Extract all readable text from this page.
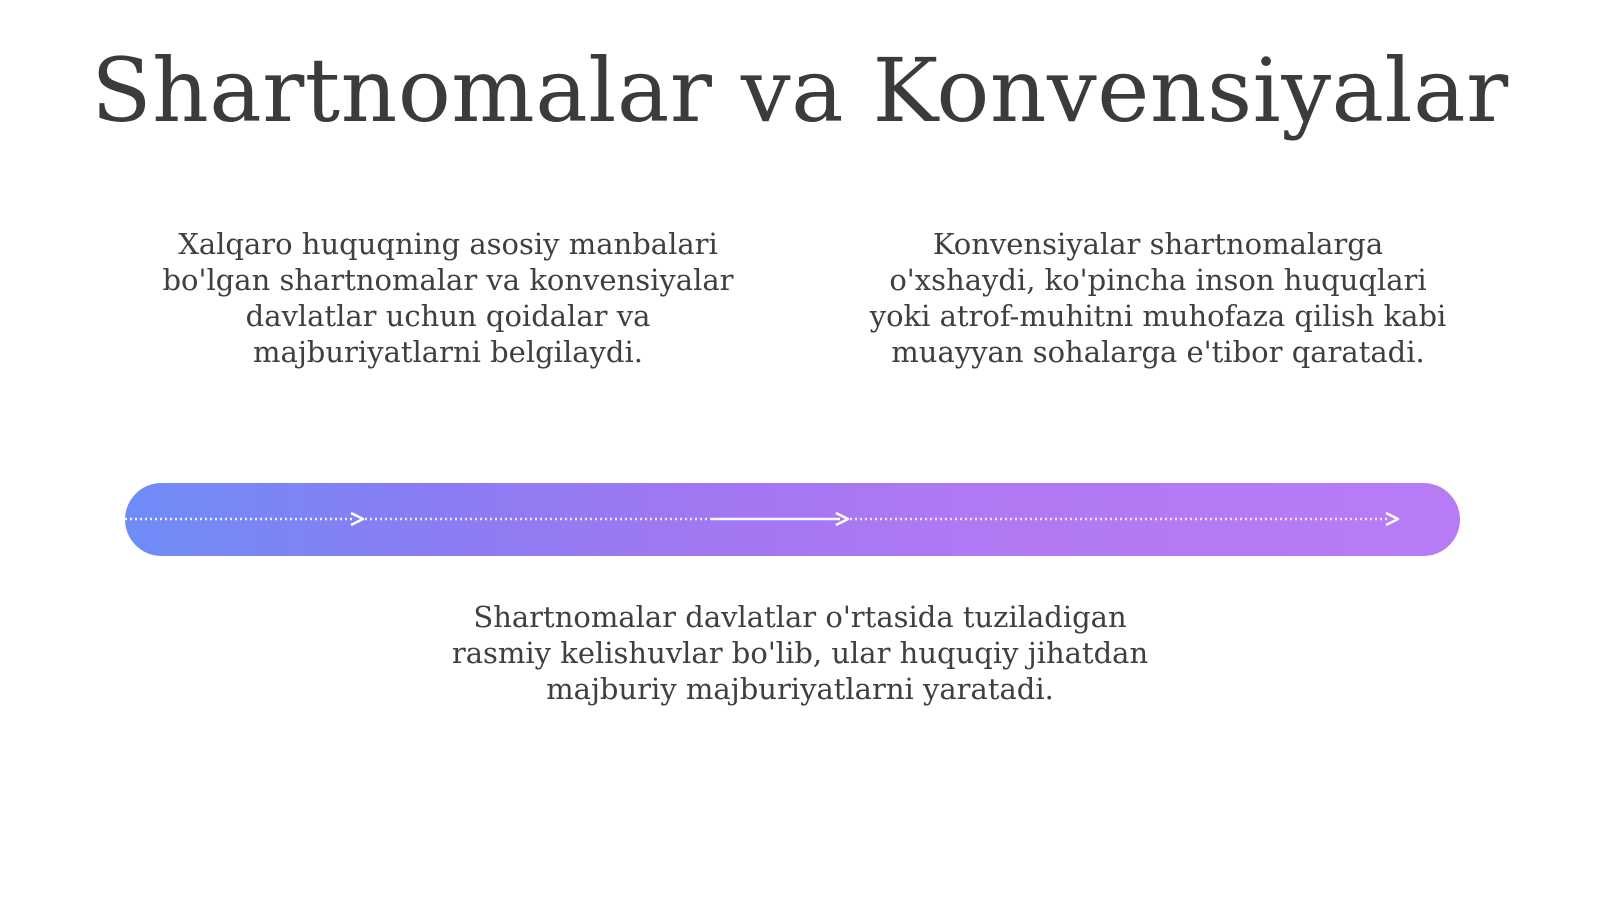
Shartnomalar va Konvensiyalar

Xalqaro huquqning asosiy manbalari bo'lgan shartnomalar va konvensiyalar davlatlar uchun qoidalar va majburiyatlarni belgilaydi.

Konvensiyalar shartnomalarga o'xshaydi, ko'pincha inson huquqlari yoki atrof-muhitni muhofaza qilish kabi muayyan sohalarga e'tibor qaratadi.

Shartnomalar davlatlar o'rtasida tuziladigan rasmiy kelishuvlar bo'lib, ular huquqiy jihatdan majburiy majburiyatlarni yaratadi.
